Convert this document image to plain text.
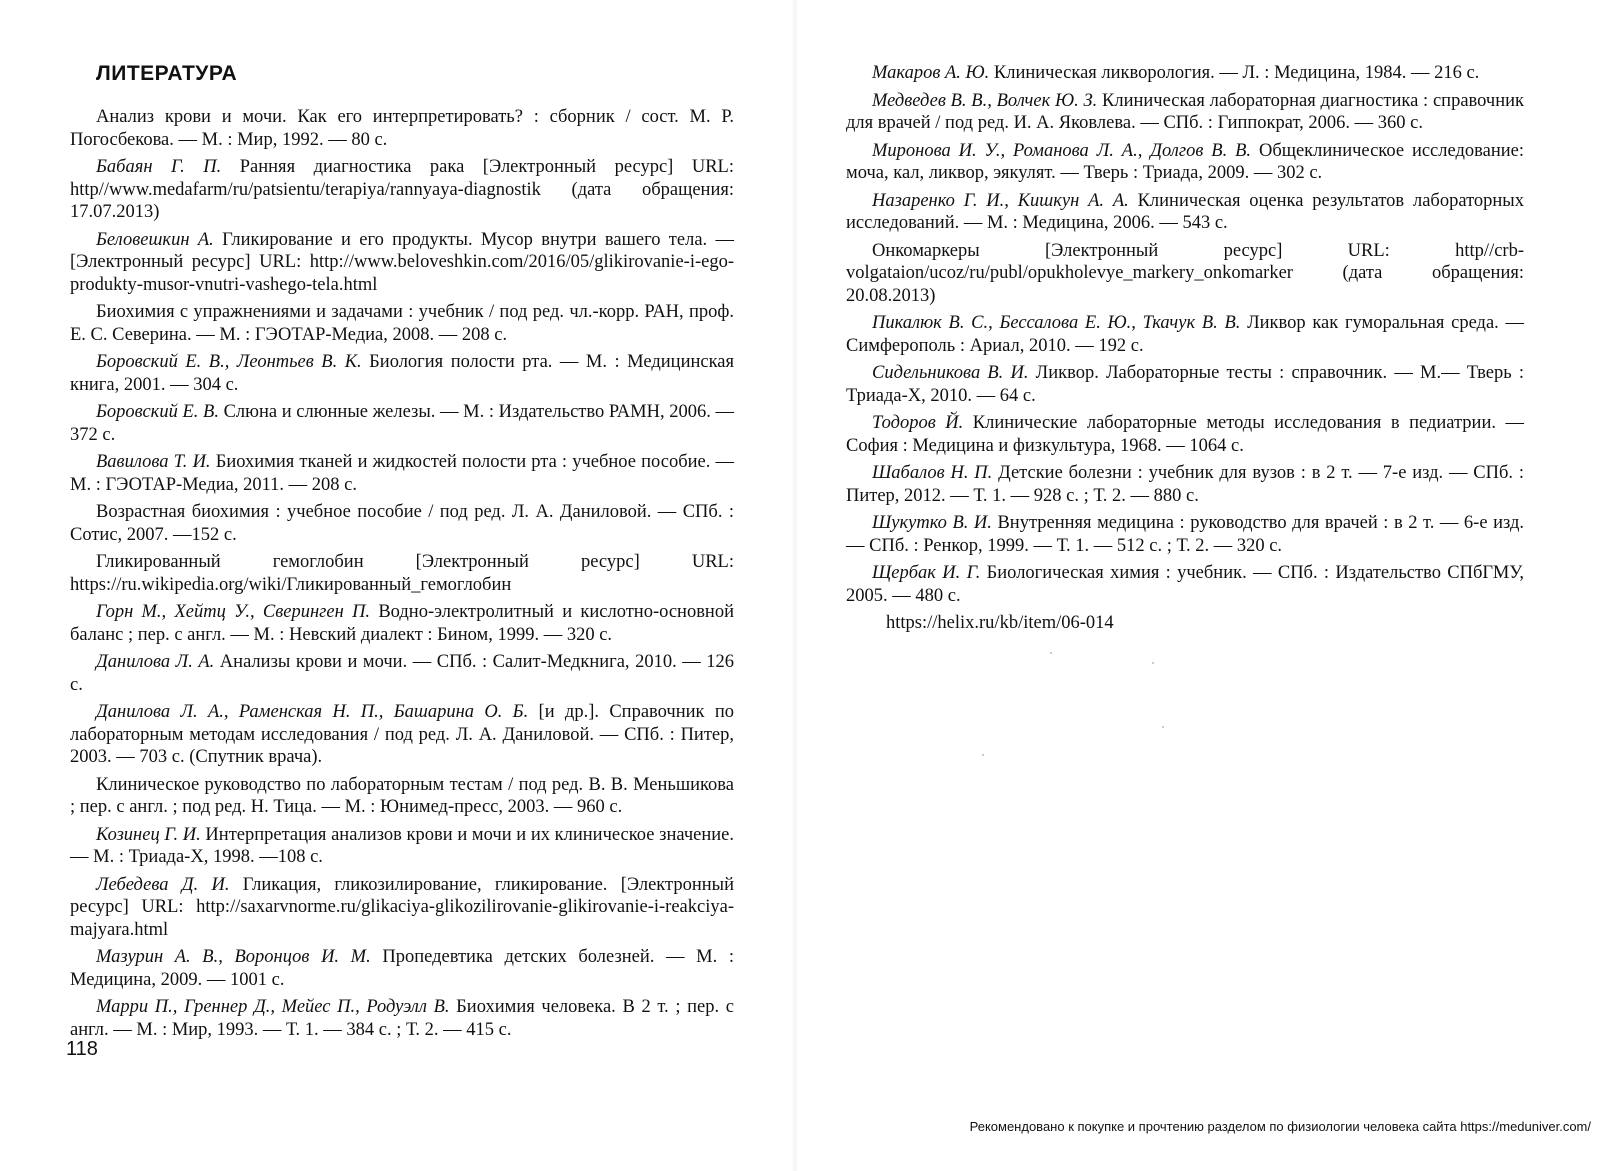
ЛИТЕРАТУРА

Анализ крови и мочи. Как его интерпретировать? : сборник / сост. М. Р. Погосбекова. — М. : Мир, 1992. — 80 с.

Бабаян Г. П. Ранняя диагностика рака [Электронный ресурс] URL: http//www.medafarm/ru/patsientu/terapiya/rannyaya-diagnostik (дата обращения: 17.07.2013)

Беловешкин А. Гликирование и его продукты. Мусор внутри вашего тела. — [Электронный ресурс] URL: http://www.beloveshkin.com/2016/05/glikirovanie-i-ego-produkty-musor-vnutri-vashego-tela.html

Биохимия с упражнениями и задачами : учебник / под ред. чл.-корр. РАН, проф. Е. С. Северина. — М. : ГЭОТАР-Медиа, 2008. — 208 с.

Боровский Е. В., Леонтьев В. К. Биология полости рта. — М. : Медицинская книга, 2001. — 304 с.

Боровский Е. В. Слюна и слюнные железы. — М. : Издательство РАМН, 2006. — 372 с.

Вавилова Т. И. Биохимия тканей и жидкостей полости рта : учебное пособие. — М. : ГЭОТАР-Медиа, 2011. — 208 с.

Возрастная биохимия : учебное пособие / под ред. Л. А. Даниловой. — СПб. : Сотис, 2007. —152 с.

Гликированный гемоглобин [Электронный ресурс] URL: https://ru.wikipedia.org/wiki/Гликированный_гемоглобин

Горн М., Хейтц У., Сверинген П. Водно-электролитный и кислотно-основной баланс ; пер. с англ. — М. : Невский диалект : Бином, 1999. — 320 с.

Данилова Л. А. Анализы крови и мочи. — СПб. : Салит-Медкнига, 2010. — 126 с.

Данилова Л. А., Раменская Н. П., Башарина О. Б. [и др.]. Справочник по лабораторным методам исследования / под ред. Л. А. Даниловой. — СПб. : Питер, 2003. — 703 с. (Спутник врача).

Клиническое руководство по лабораторным тестам / под ред. В. В. Меньшикова ; пер. с англ. ; под ред. Н. Тица. — М. : Юнимед-пресс, 2003. — 960 с.

Козинец Г. И. Интерпретация анализов крови и мочи и их клиническое значение. — М. : Триада-Х, 1998. —108 с.

Лебедева Д. И. Гликация, гликозилирование, гликирование. [Электронный ресурс] URL: http://saxarvnorme.ru/glikaciya-glikozilirovanie-glikirovanie-i-reakciya-majyara.html

Мазурин А. В., Воронцов И. М. Пропедевтика детских болезней. — М. : Медицина, 2009. — 1001 с.

Марри П., Греннер Д., Мейес П., Родуэлл В. Биохимия человека. В 2 т. ; пер. с англ. — М. : Мир, 1993. — Т. 1. — 384 с. ; Т. 2. — 415 с.

118

Макаров А. Ю. Клиническая ликворология. — Л. : Медицина, 1984. — 216 с.

Медведев В. В., Волчек Ю. З. Клиническая лабораторная диагностика : справочник для врачей / под ред. И. А. Яковлева. — СПб. : Гиппократ, 2006. — 360 с.

Миронова И. У., Романова Л. А., Долгов В. В. Общеклиническое исследование: моча, кал, ликвор, эякулят. — Тверь : Триада, 2009. — 302 с.

Назаренко Г. И., Кишкун А. А. Клиническая оценка результатов лабораторных исследований. — М. : Медицина, 2006. — 543 с.

Онкомаркеры [Электронный ресурс] URL: http//crb-volgataion/ucoz/ru/publ/opukholevye_markery_onkomarker (дата обращения: 20.08.2013)

Пикалюк В. С., Бессалова Е. Ю., Ткачук В. В. Ликвор как гуморальная среда. — Симферополь : Ариал, 2010. — 192 с.

Сидельникова В. И. Ликвор. Лабораторные тесты : справочник. — М.— Тверь : Триада-Х, 2010. — 64 с.

Тодоров Й. Клинические лабораторные методы исследования в педиатрии. — София : Медицина и физкультура, 1968. — 1064 с.

Шабалов Н. П. Детские болезни : учебник для вузов : в 2 т. — 7-е изд. — СПб. : Питер, 2012. — Т. 1. — 928 с. ; Т. 2. — 880 с.

Шукутко В. И. Внутренняя медицина : руководство для врачей : в 2 т. — 6-е изд. — СПб. : Ренкор, 1999. — Т. 1. — 512 с. ; Т. 2. — 320 с.

Щербак И. Г. Биологическая химия : учебник. — СПб. : Издательство СПбГМУ, 2005. — 480 с.

https://helix.ru/kb/item/06-014

Рекомендовано к покупке и прочтению разделом по физиологии человека сайта https://meduniver.com/
